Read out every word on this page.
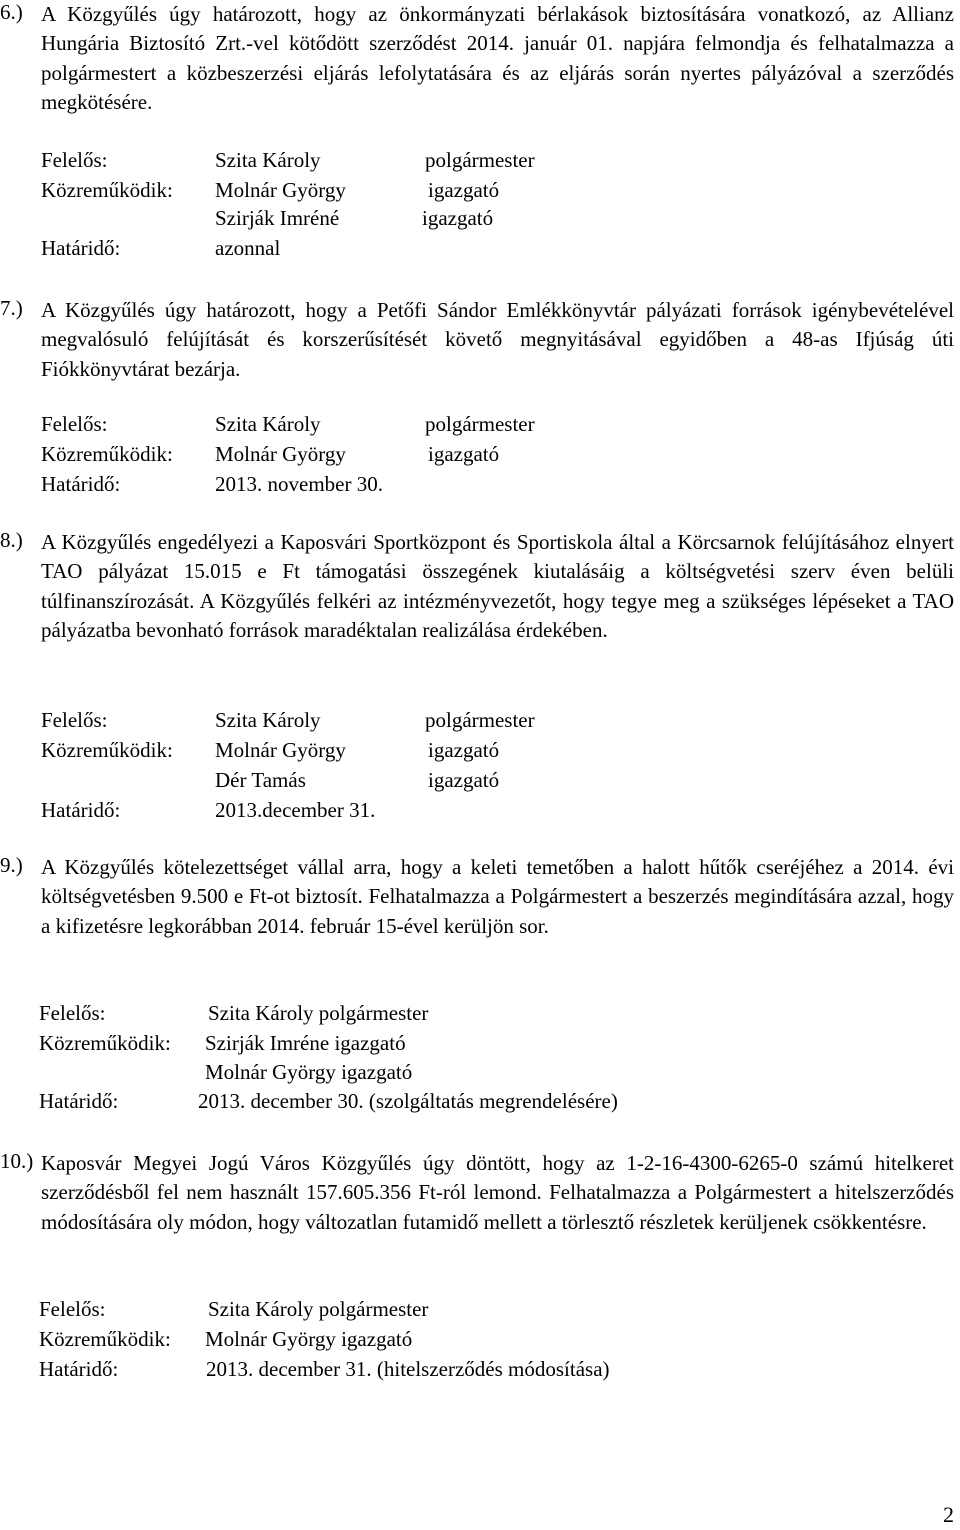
6.) A Közgyűlés úgy határozott, hogy az önkormányzati bérlakások biztosítására vonatkozó, az Allianz Hungária Biztosító Zrt.-vel kötődött szerződést 2014. január 01. napjára felmondja és felhatalmazza a polgármestert a közbeszerzési eljárás lefolytatására és az eljárás során nyertes pályázóval a szerződés megkötésére.

Felelős:	Szita Károly	polgármester
Közreműködik: Molnár György	igazgató
Szirják Imréné	igazgató
Határidő:	azonnal
7.) A Közgyűlés úgy határozott, hogy a Petőfi Sándor Emlékkönyvtár pályázati források igénybevételével megvalósuló felújítását és korszerűsítését követő megnyitásával egyidőben a 48-as Ifjúság úti Fiókkönyvtárat bezárja.

Felelős:	Szita Károly	polgármester
Közreműködik: Molnár György	igazgató
Határidő:	2013. november 30.
8.) A Közgyűlés engedélyezi a Kaposvári Sportközpont és Sportiskola által a Körcsarnok felújításához elnyert TAO pályázat 15.015 e Ft támogatási összegének kiutalásáig a költségvetési szerv éven belüli túlfinanszírozását. A Közgyűlés felkéri az intézményvezetőt, hogy tegye meg a szükséges lépéseket a TAO pályázatba bevonható források maradéktalan realizálása érdekében.

Felelős:	Szita Károly	polgármester
Közreműködik: Molnár György	igazgató
Dér Tamás	igazgató
Határidő:	2013.december 31.
9.) A Közgyűlés kötelezettséget vállal arra, hogy a keleti temetőben a halott hűtők cseréjéhez a 2014. évi költségvetésben 9.500 e Ft-ot biztosít. Felhatalmazza a Polgármestert a beszerzés megindítására azzal, hogy a kifizetésre legkorábban 2014. február 15-ével kerüljön sor.

Felelős:	Szita Károly polgármester
Közreműködik: Szirják Imréne igazgató
Molnár György igazgató
Határidő:	2013. december 30. (szolgáltatás megrendelésére)
10.) Kaposvár Megyei Jogú Város Közgyűlés úgy döntött, hogy az 1-2-16-4300-6265-0 számú hitelkeret szerződésből fel nem használt 157.605.356 Ft-ról lemond. Felhatalmazza a Polgármestert a hitelszerződés módosítására oly módon, hogy változatlan futamidő mellett a törlesztő részletek kerüljenek csökkentésre.

Felelős:	Szita Károly polgármester
Közreműködik: Molnár György igazgató
Határidő:	2013. december 31. (hitelszerződés módosítása)
2
